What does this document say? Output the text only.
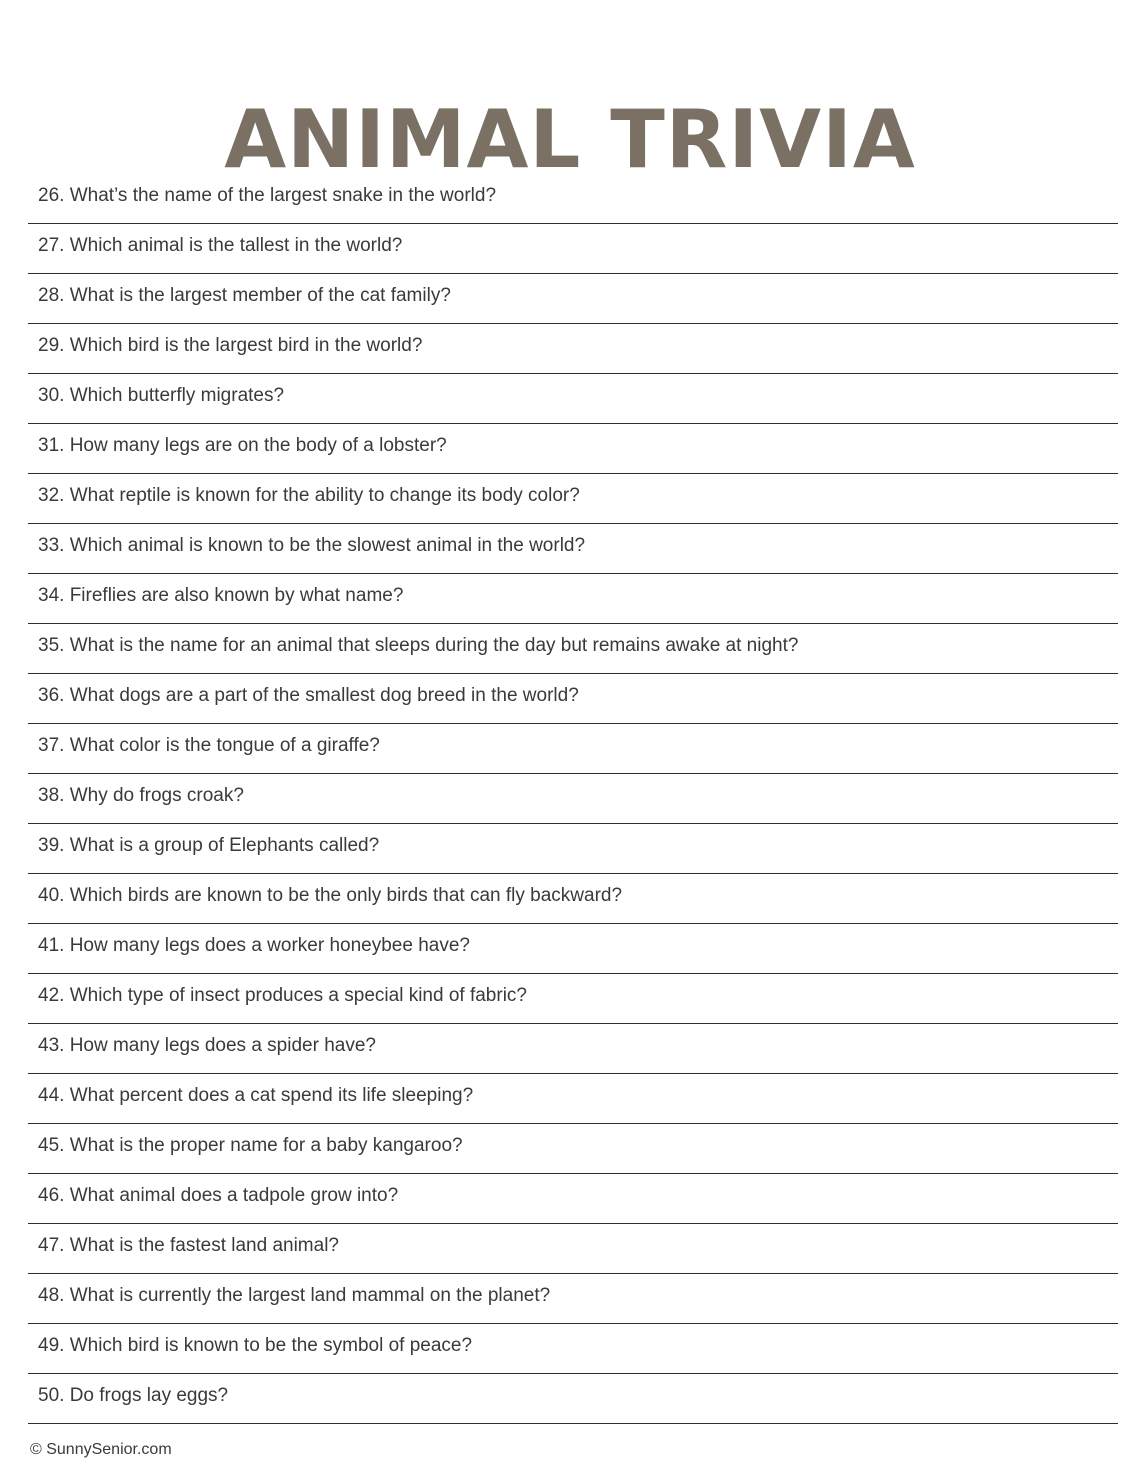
ANIMAL TRIVIA
26. What’s the name of the largest snake in the world?
27. Which animal is the tallest in the world?
28. What is the largest member of the cat family?
29. Which bird is the largest bird in the world?
30. Which butterfly migrates?
31. How many legs are on the body of a lobster?
32. What reptile is known for the ability to change its body color?
33. Which animal is known to be the slowest animal in the world?
34. Fireflies are also known by what name?
35. What is the name for an animal that sleeps during the day but remains awake at night?
36. What dogs are a part of the smallest dog breed in the world?
37. What color is the tongue of a giraffe?
38. Why do frogs croak?
39. What is a group of Elephants called?
40. Which birds are known to be the only birds that can fly backward?
41. How many legs does a worker honeybee have?
42. Which type of insect produces a special kind of fabric?
43. How many legs does a spider have?
44. What percent does a cat spend its life sleeping?
45. What is the proper name for a baby kangaroo?
46. What animal does a tadpole grow into?
47. What is the fastest land animal?
48. What is currently the largest land mammal on the planet?
49. Which bird is known to be the symbol of peace?
50. Do frogs lay eggs?
© SunnySenior.com
